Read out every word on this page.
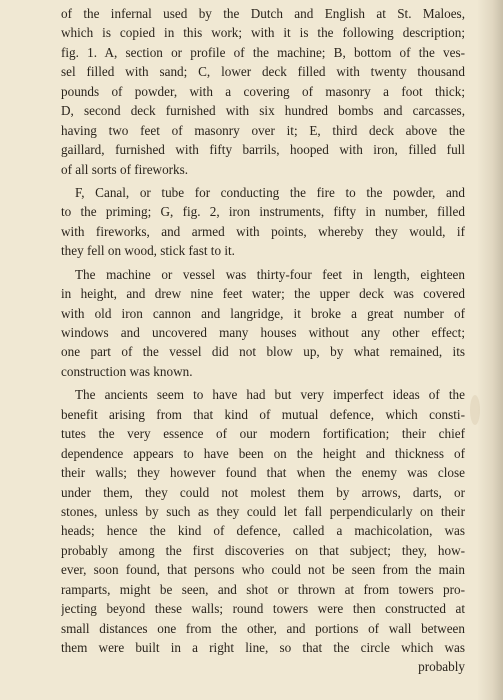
of the infernal used by the Dutch and English at St. Maloes,
which is copied in this work; with it is the following description;
fig. 1. A, section or profile of the machine; B, bottom of the ves-
sel filled with sand; C, lower deck filled with twenty thousand
pounds of powder, with a covering of masonry a foot thick;
D, second deck furnished with six hundred bombs and carcasses,
having two feet of masonry over it; E, third deck above the
gaillard, furnished with fifty barrils, hooped with iron, filled full
of all sorts of fireworks.
F, Canal, or tube for conducting the fire to the powder, and
to the priming; G, fig. 2, iron instruments, fifty in number, filled
with fireworks, and armed with points, whereby they would, if
they fell on wood, stick fast to it.
The machine or vessel was thirty-four feet in length, eighteen
in height, and drew nine feet water; the upper deck was covered
with old iron cannon and langridge, it broke a great number of
windows and uncovered many houses without any other effect;
one part of the vessel did not blow up, by what remained, its
construction was known.
The ancients seem to have had but very imperfect ideas of the
benefit arising from that kind of mutual defence, which consti-
tutes the very essence of our modern fortification; their chief
dependence appears to have been on the height and thickness of
their walls; they however found that when the enemy was close
under them, they could not molest them by arrows, darts, or
stones, unless by such as they could let fall perpendicularly on their
heads; hence the kind of defence, called a machicolation, was
probably among the first discoveries on that subject; they, how-
ever, soon found, that persons who could not be seen from the main
ramparts, might be seen, and shot or thrown at from towers pro-
jecting beyond these walls; round towers were then constructed at
small distances one from the other, and portions of wall between
them were built in a right line, so that the circle which was
probably
